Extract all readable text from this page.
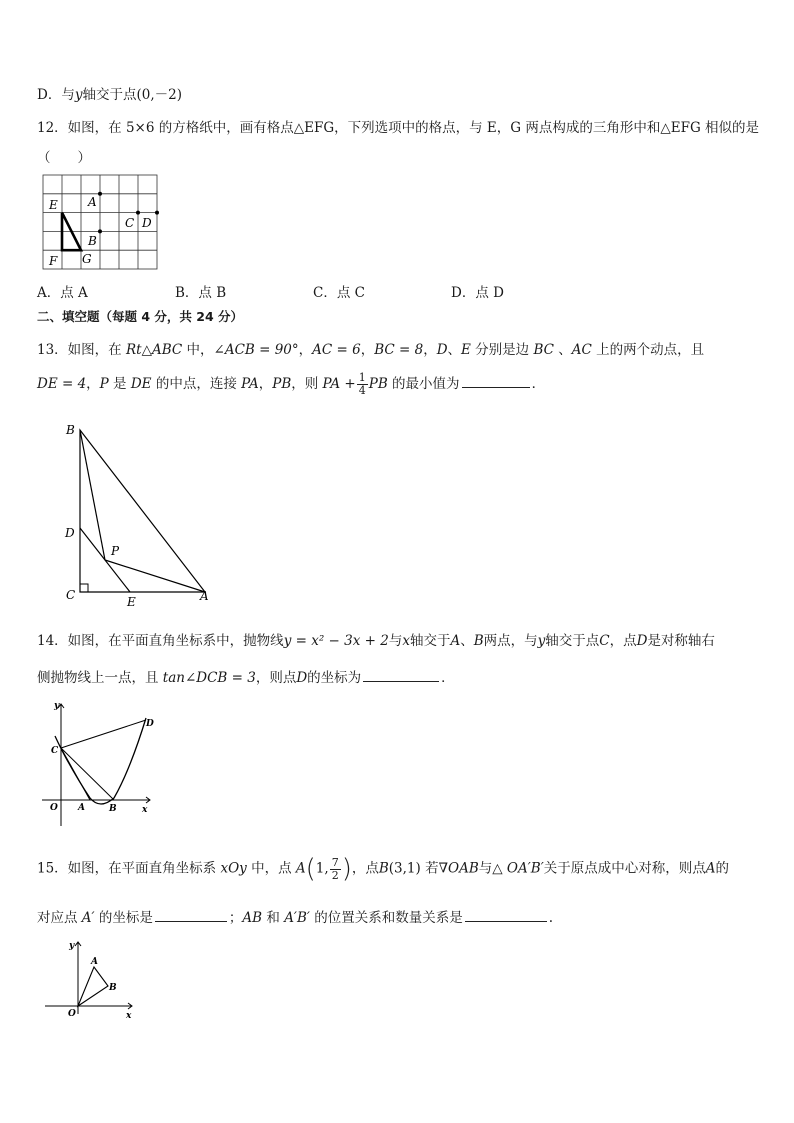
D．与y轴交于点(0,－2)
12．如图，在 5×6 的方格纸中，画有格点△EFG，下列选项中的格点，与 E，G 两点构成的三角形中和△EFG 相似的是
（　　）
E
F G
A
B
C D
A．点 A	B．点 B	C．点 C	D．点 D
二、填空题（每题 4 分，共 24 分）
13．如图，在 Rt△ABC 中，∠ACB = 90°，AC = 6，BC = 8，D、E 分别是边 BC 、AC 上的两个动点，且
DE = 4，P 是 DE 的中点，连接 PA，PB，则 PA + $\frac{1}{4}$ PB 的最小值为	．
B
D
P
C	E	A
14．如图，在平面直角坐标系中，抛物线y = x² − 3x + 2与x轴交于A、B两点，与y轴交于点C，点D是对称轴右
侧抛物线上一点，且 tan∠DCB = 3，则点D的坐标为	．
y
x
O A	B
C
D
15．如图，在平面直角坐标系 xOy 中，点 A(1, $\frac{7}{2}$ )，点B(3,1) 若∇OAB与△ OA′B′关于原点成中心对称，则点A的
对应点 A′ 的坐标是	；AB 和 A′B′ 的位置关系和数量关系是	.
y
x
O
A
B
